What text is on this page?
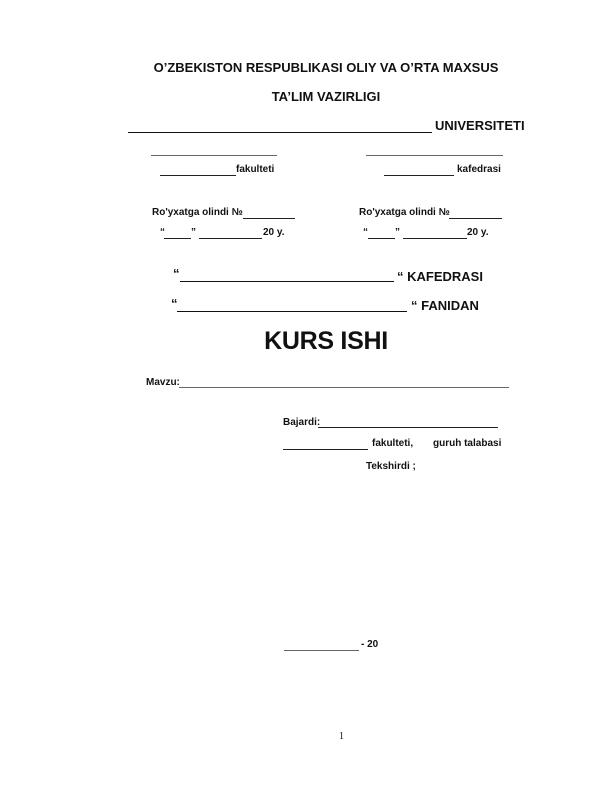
O’ZBEKISTON RESPUBLIKASI OLIY VA O’RTA MAXSUS
TA’LIM VAZIRLIGI
UNIVERSITETI
fakulteti	kafedrasi
Ro'yxatga olindi №
“	”	20 y.
Ro'yxatga olindi №
“	”	20 y.
“	“ KAFEDRASI
“	“ FANIDAN
KURS ISHI
Mavzu:
Bajardi:
fakulteti, guruh talabasi
Tekshirdi ;
- 20
1
